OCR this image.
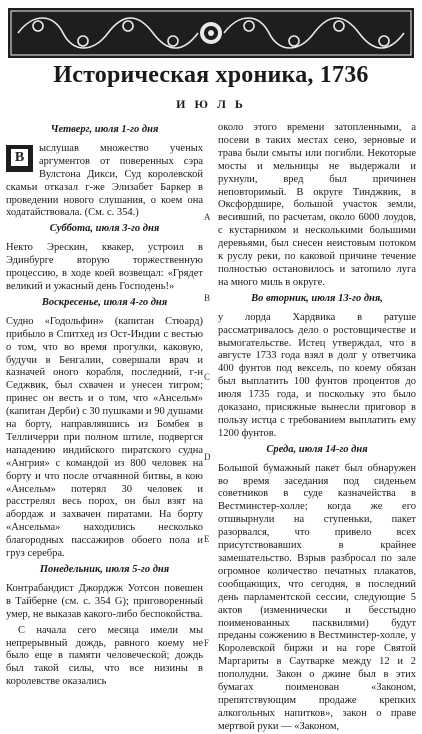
Историческая хроника, 1736
И Ю Л Ь
Четверг, июля 1-го дня

В
ыслушав множество ученых аргументов от поверенных сэра Вулстона Дикси, Суд королевской скамьи отказал г-же Элизабет Баркер в проведении нового слушания, о коем она ходатайствовала. (См. с. 354.)

Суббота, июля 3-го дня

Некто Эрескин, квакер, устроил в Эдинбурге вторую торжественную процессию, в ходе коей возвещал: «Грядет великий и ужасный день Господень!»

Воскресенье, июля 4-го дня

Судно «Годольфин» (капитан Стюард) прибыло в Спитхед из Ост-Индии с вестью о том, что во время прогулки, каковую, будучи в Бенгалии, совершали врач и казначей оного корабля, последний, г-н Седжвик, был схвачен и унесен тигром; принес он весть и о том, что «Ансельм» (капитан Дерби) с 30 пушками и 90 душами на борту, направлявшись из Бомбея в Телличерри при полном штиле, подвергся нападению индийского пиратского судна «Ангрия» с командой из 800 человек на борту и что после отчаянной битвы, в кою «Ансельм» потерял 30 человек и расстрелял весь порох, он был взят на абордаж и захвачен пиратами. На борту «Ансельма» находились несколько благородных пассажиров обоего пола и груз серебра.

Понедельник, июля 5-го дня

Контрабандист Джорджж Уотсон повешен в Тайберне (см. с. 354 G); приговоренный умер, не выказав какого-либо беспокойства.

С начала сего месяца имели мы непрерывный дождь, равного коему не было еще в памяти человеческой; дождь был такой силы, что все низины в королевстве оказались

около этого времени затопленными, а посеви в таких местах сено, зерновые и трава были смыты или погибли. Некоторые мосты и мельницы не выдержали и рухнули, вред был причинен неповторимый. В округе Тинджвик, в Оксфордшире, большой участок земли, весивший, по расчетам, около 6000 лоудов, с кустарником и несколькими большими деревьями, был снесен неистовым потоком к руслу реки, по каковой причине течение полностью остановилось и затопило луга на много миль в округе.

Во вторник, июля 13-го дня,

у лорда Хардвика в ратуше рассматривалось дело о ростовщичестве и вымогательстве. Истец утверждал, что в августе 1733 года взял в долг у ответчика 400 фунтов под вексель, по коему обязан был выплатить 100 фунтов процентов до июля 1735 года, и поскольку это было доказано, присяжные вынесли приговор в пользу истца с требованием выплатить ему 1200 фунтов.

Среда, июля 14-го дня

Большой бумажный пакет был обнаружен во время заседания под сиденьем советников в суде казначейства в Вестминстер-холле; когда же его отшвырнули на ступеньки, пакет разорвался, что привело всех присутствовавших в крайнее замешательство. Взрыв разбросал по зале огромное количество печатных плакатов, сообщающих, что сегодня, в последний день парламентской сессии, следующие 5 актов (изменнически и бесстыдно поименованных пасквилями) будут преданы сожжению в Вестминстер-холле, у Королевской биржи и на горе Святой Маргариты в Саутварке между 12 и 2 пополудни. Закон о джине был в этих бумагах поименован «Законом, препятствующим продаже крепких алкогольных напитков», закон о праве мертвой руки — «Законом,

A
B
C
D
E
F
